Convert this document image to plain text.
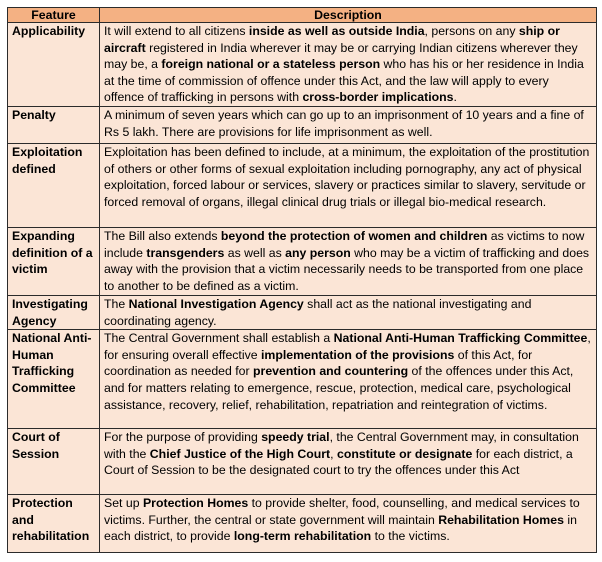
Feature	Description
Applicability	It will extend to all citizens inside as well as outside India, persons on any ship or aircraft registered in India wherever it may be or carrying Indian citizens wherever they may be, a foreign national or a stateless person who has his or her residence in India at the time of commission of offence under this Act, and the law will apply to every offence of trafficking in persons with cross-border implications.
Penalty	A minimum of seven years which can go up to an imprisonment of 10 years and a fine of Rs 5 lakh. There are provisions for life imprisonment as well.
Exploitation defined	Exploitation has been defined to include, at a minimum, the exploitation of the prostitution of others or other forms of sexual exploitation including pornography, any act of physical exploitation, forced labour or services, slavery or practices similar to slavery, servitude or forced removal of organs, illegal clinical drug trials or illegal bio-medical research.
Expanding definition of a victim	The Bill also extends beyond the protection of women and children as victims to now include transgenders as well as any person who may be a victim of trafficking and does away with the provision that a victim necessarily needs to be transported from one place to another to be defined as a victim.
Investigating Agency	The National Investigation Agency shall act as the national investigating and coordinating agency.
National Anti-Human Trafficking Committee	The Central Government shall establish a National Anti-Human Trafficking Committee, for ensuring overall effective implementation of the provisions of this Act, for coordination as needed for prevention and countering of the offences under this Act, and for matters relating to emergence, rescue, protection, medical care, psychological assistance, recovery, relief, rehabilitation, repatriation and reintegration of victims.
Court of Session	For the purpose of providing speedy trial, the Central Government may, in consultation with the Chief Justice of the High Court, constitute or designate for each district, a Court of Session to be the designated court to try the offences under this Act
Protection and rehabilitation	Set up Protection Homes to provide shelter, food, counselling, and medical services to victims. Further, the central or state government will maintain Rehabilitation Homes in each district, to provide long-term rehabilitation to the victims.
